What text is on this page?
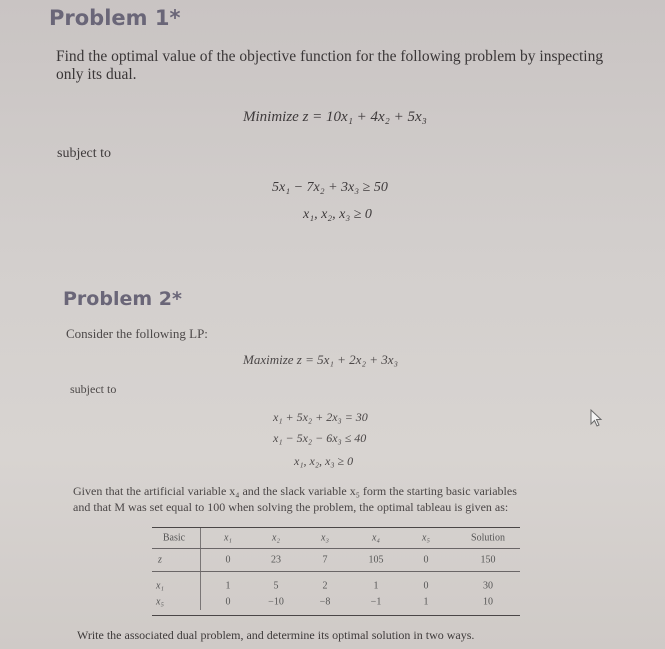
Problem 1*
Find the optimal value of the objective function for the following problem by inspecting
only its dual.
Minimize z = 10x₁ + 4x₂ + 5x₃
subject to
5x₁ − 7x₂ + 3x₃ ≥ 50
x₁, x₂, x₃ ≥ 0
Problem 2*
Consider the following LP:
Maximize z = 5x₁ + 2x₂ + 3x₃
subject to
x₁ + 5x₂ + 2x₃ = 30
x₁ − 5x₂ − 6x₃ ≤ 40
x₁, x₂, x₃ ≥ 0
Given that the artificial variable x₄ and the slack variable x₅ form the starting basic variables
and that M was set equal to 100 when solving the problem, the optimal tableau is given as:
Basic	x₁	x₂	x₃	x₄	x₅	Solution
z	0	23	7	105	0	150
x₁	1	5	2	1	0	30
x₅	0	−10	−8	−1	1	10
Write the associated dual problem, and determine its optimal solution in two ways.
